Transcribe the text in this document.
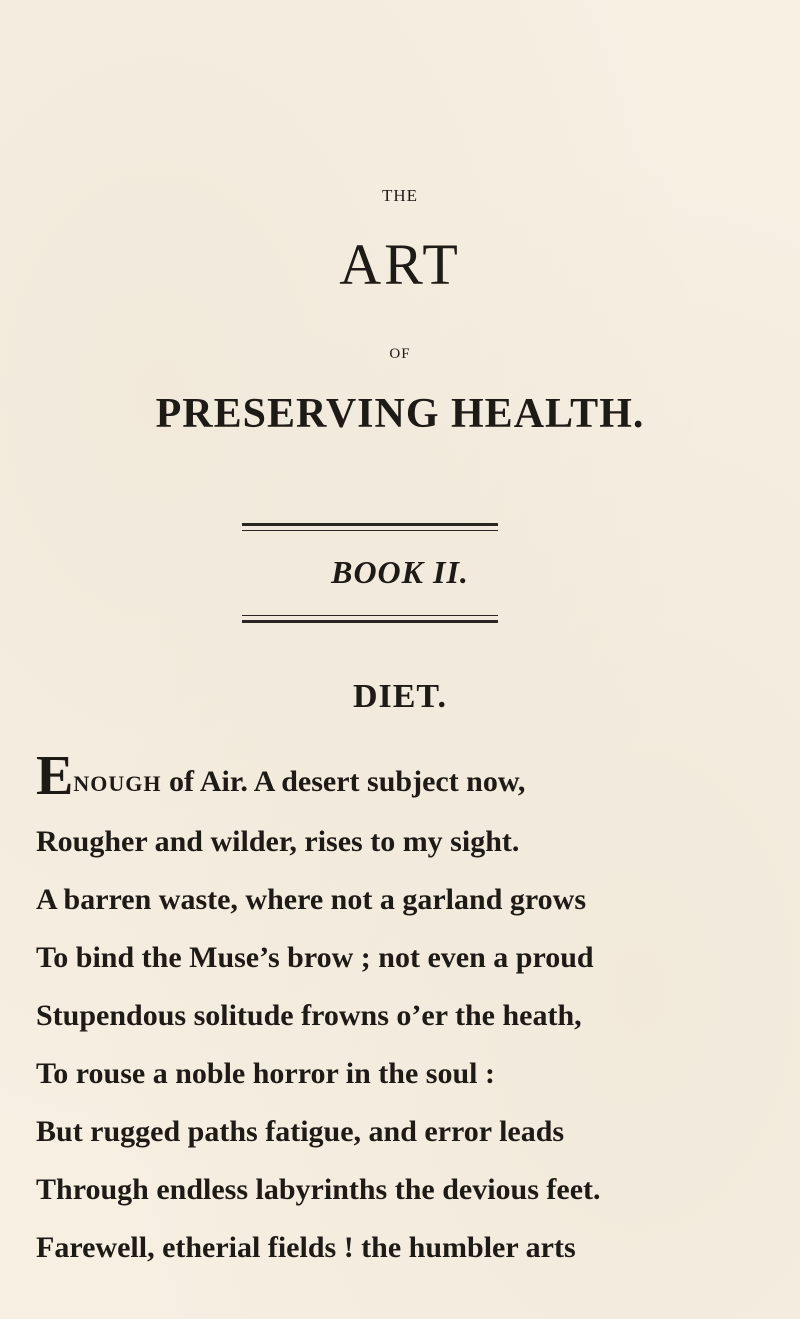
THE
ART
OF
PRESERVING HEALTH.
BOOK II.
DIET.
ENOUGH of Air. A desert subject now,
Rougher and wilder, rises to my sight.
A barren waste, where not a garland grows
To bind the Muse’s brow ; not even a proud
Stupendous solitude frowns o’er the heath,
To rouse a noble horror in the soul :
But rugged paths fatigue, and error leads
Through endless labyrinths the devious feet.
Farewell, etherial fields ! the humbler arts
